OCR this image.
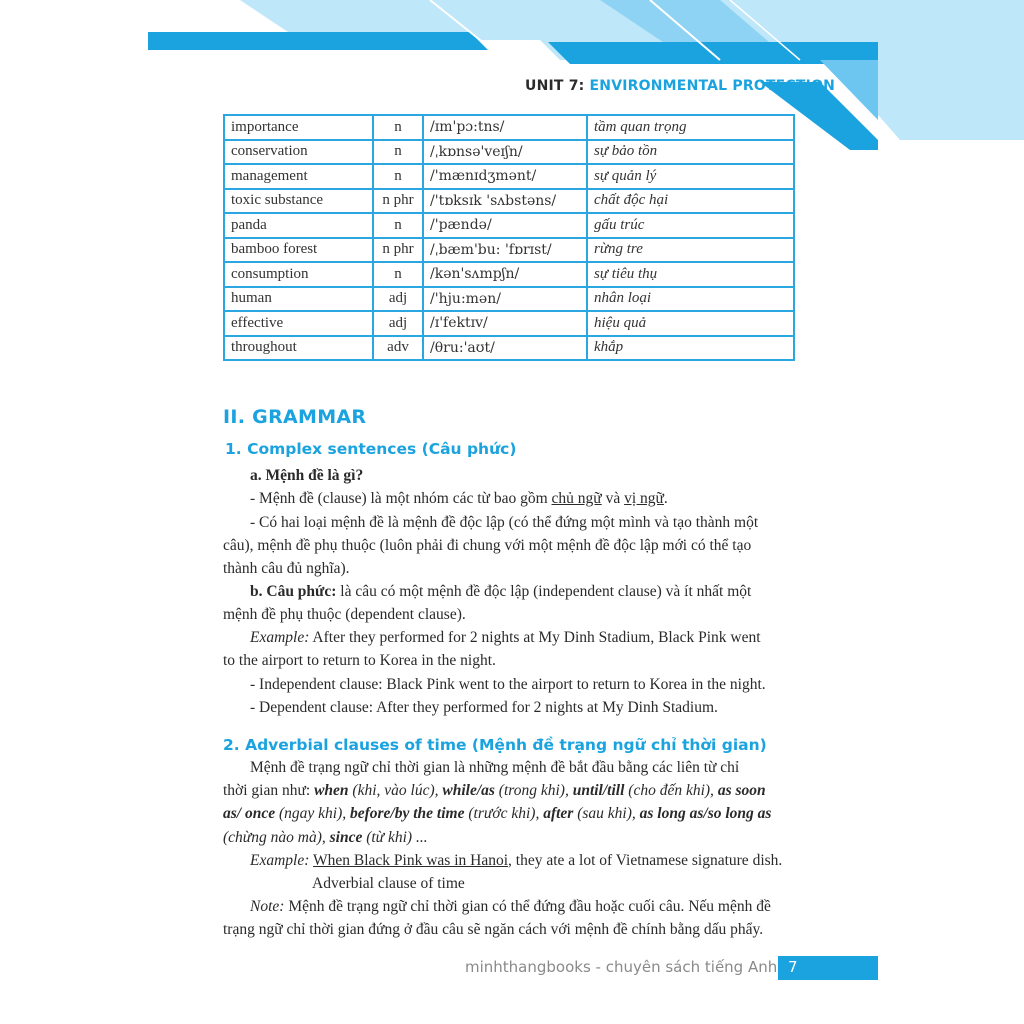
UNIT 7: ENVIRONMENTAL PROTECTION
importance	n	/ɪm'pɔ:tns/	tầm quan trọng
conservation	n	/ˌkɒnsə'veɪʃn/	sự bảo tồn
management	n	/'mænɪdʒmənt/	sự quản lý
toxic substance	n phr	/'tɒksɪk 'sʌbstəns/	chất độc hại
panda	n	/'pændə/	gấu trúc
bamboo forest	n phr	/ˌbæm'bu: 'fɒrɪst/	rừng tre
consumption	n	/kən'sʌmpʃn/	sự tiêu thụ
human	adj	/'hju:mən/	nhân loại
effective	adj	/ɪ'fektɪv/	hiệu quả
throughout	adv	/θru:'aʊt/	khắp
II. GRAMMAR
1. Complex sentences (Câu phức)
a. Mệnh đề là gì?
- Mệnh đề (clause) là một nhóm các từ bao gồm chủ ngữ và vị ngữ.
- Có hai loại mệnh đề là mệnh đề độc lập (có thể đứng một mình và tạo thành một
câu), mệnh đề phụ thuộc (luôn phải đi chung với một mệnh đề độc lập mới có thể tạo
thành câu đủ nghĩa).
b. Câu phức: là câu có một mệnh đề độc lập (independent clause) và ít nhất một
mệnh đề phụ thuộc (dependent clause).
Example: After they performed for 2 nights at My Dinh Stadium, Black Pink went
to the airport to return to Korea in the night.
- Independent clause: Black Pink went to the airport to return to Korea in the night.
- Dependent clause: After they performed for 2 nights at My Dinh Stadium.
2. Adverbial clauses of time (Mệnh đề trạng ngữ chỉ thời gian)
Mệnh đề trạng ngữ chỉ thời gian là những mệnh đề bắt đầu bằng các liên từ chỉ
thời gian như: when (khi, vào lúc), while/as (trong khi), until/till (cho đến khi), as soon
as/ once (ngay khi), before/by the time (trước khi), after (sau khi), as long as/so long as
(chừng nào mà), since (từ khi) ...
Example: When Black Pink was in Hanoi, they ate a lot of Vietnamese signature dish.
Adverbial clause of time
Note: Mệnh đề trạng ngữ chỉ thời gian có thể đứng đầu hoặc cuối câu. Nếu mệnh đề
trạng ngữ chỉ thời gian đứng ở đầu câu sẽ ngăn cách với mệnh đề chính bằng dấu phẩy.
minhthangbooks - chuyên sách tiếng Anh 7
